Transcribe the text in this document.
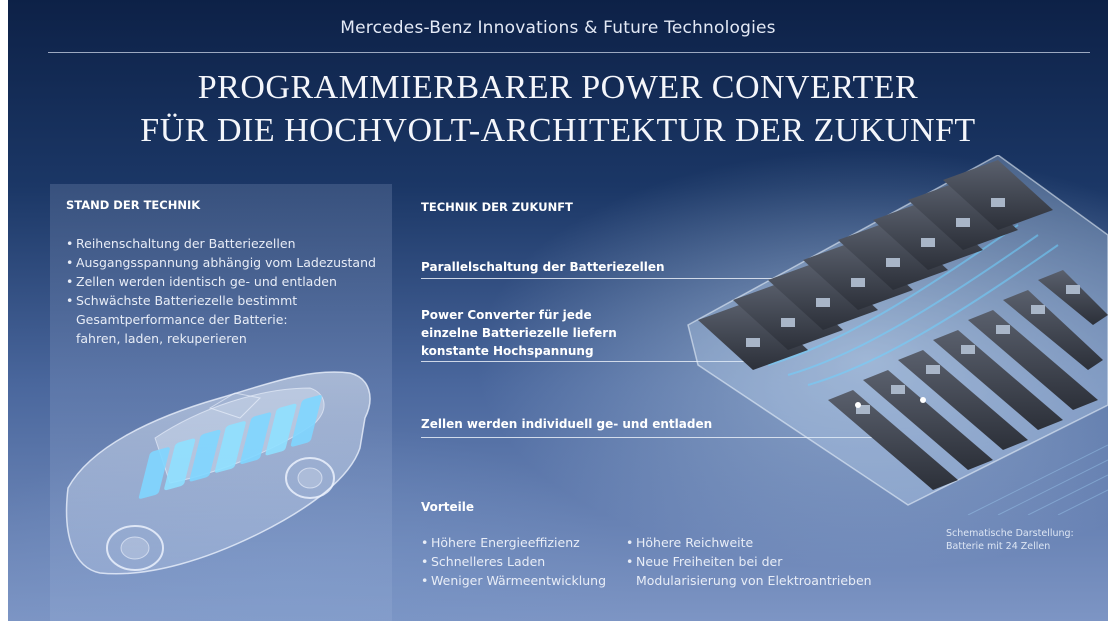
Mercedes-Benz Innovations & Future Technologies
PROGRAMMIERBARER POWER CONVERTER
FÜR DIE HOCHVOLT-ARCHITEKTUR DER ZUKUNFT
STAND DER TECHNIK
• Reihenschaltung der Batteriezellen
• Ausgangsspannung abhängig vom Ladezustand
• Zellen werden identisch ge- und entladen
• Schwächste Batteriezelle bestimmt
Gesamtperformance der Batterie:
fahren, laden, rekuperieren
TECHNIK DER ZUKUNFT
Parallelschaltung der Batteriezellen
Power Converter für jede
einzelne Batteriezelle liefern
konstante Hochspannung
Zellen werden individuell ge- und entladen
Vorteile
• Höhere Energieeffizienz
• Schnelleres Laden
• Weniger Wärmeentwicklung
• Höhere Reichweite
• Neue Freiheiten bei der
Modularisierung von Elektroantrieben
Schematische Darstellung:
Batterie mit 24 Zellen
